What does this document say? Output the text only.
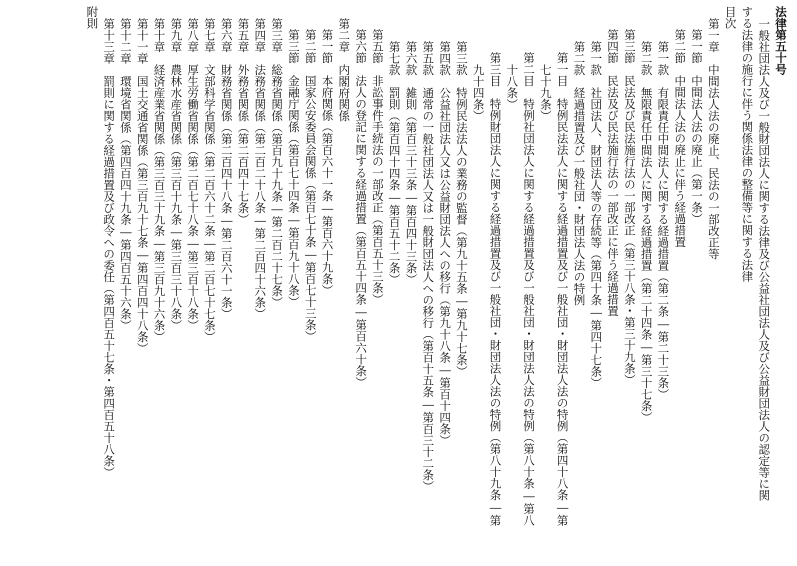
法律第五十号
一般社団法人及び一般財団法人に関する法律及び公益社団法人及び公益財団法人の認定等に関
する法律の施行に伴う関係法律の整備等に関する法律
目次
第一章　中間法人法の廃止、民法の一部改正等
第一節　中間法人法の廃止（第一条）
第二節　中間法人法の廃止に伴う経過措置
第一款　有限責任中間法人に関する経過措置（第二条―第二十三条）
第二款　無限責任中間法人に関する経過措置（第二十四条―第三十七条）
第三節　民法及び民法施行法の一部改正（第三十八条・第三十九条）
第四節　民法及び民法施行法の一部改正に伴う経過措置
第一款　社団法人、財団法人等の存続等（第四十条―第四十七条）
第二款　経過措置及び一般社団・財団法人法の特例
第一目　特例民法法人に関する経過措置及び一般社団・財団法人法の特例（第四十八条―第
七十九条）
第二目　特例社団法人に関する経過措置及び一般社団・財団法人法の特例（第八十条―第八
十八条）
第三目　特例財団法人に関する経過措置及び一般社団・財団法人法の特例（第八十九条―第
九十四条）
第三款　特例民法法人の業務の監督（第九十五条―第九十七条）
第四款　公益社団法人又は公益財団法人への移行（第九十八条―第百十四条）
第五款　通常の一般社団法人又は一般財団法人への移行（第百十五条―第百三十二条）
第六款　雑則（第百三十三条―第百四十三条）
第七款　罰則（第百四十四条―第百五十二条）
第五節　非訟事件手続法の一部改正（第百五十三条）
第六節　法人の登記に関する経過措置（第百五十四条―第百六十条）
第二章　内閣府関係
第一節　本府関係（第百六十一条―第百六十九条）
第二節　国家公安委員会関係（第百七十条―第百七十三条）
第三節　金融庁関係（第百七十四条―第百九十八条）
第三章　総務省関係（第百九十九条―第二百二十七条）
第四章　法務省関係（第二百二十八条―第二百四十六条）
第五章　外務省関係（第二百四十七条）
第六章　財務省関係（第二百四十八条―第二百六十一条）
第七章　文部科学省関係（第二百六十二条―第二百七十七条）
第八章　厚生労働省関係（第二百七十八条―第三百十八条）
第九章　農林水産省関係（第三百十九条―第三百三十八条）
第十章　経済産業省関係（第三百三十九条―第三百九十六条）
第十一章　国土交通省関係（第三百九十七条―第四百四十八条）
第十二章　環境省関係（第四百四十九条―第四百五十六条）
第十三章　罰則に関する経過措置及び政令への委任（第四百五十七条・第四百五十八条）
附則
